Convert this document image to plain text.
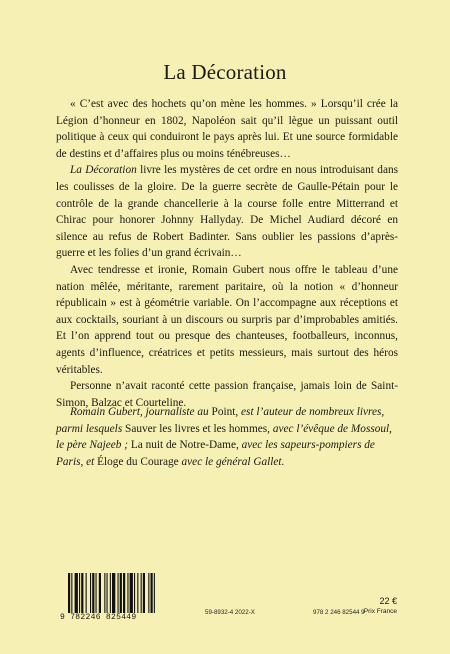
La Décoration

« C’est avec des hochets qu’on mène les hommes. » Lorsqu’il crée la Légion d’honneur en 1802, Napoléon sait qu’il lègue un puissant outil politique à ceux qui conduiront le pays après lui. Et une source formidable de destins et d’affaires plus ou moins ténébreuses…

La Décoration livre les mystères de cet ordre en nous introduisant dans les coulisses de la gloire. De la guerre secrète de Gaulle-Pétain pour le contrôle de la grande chancellerie à la course folle entre Mitterrand et Chirac pour honorer Johnny Hallyday. De Michel Audiard décoré en silence au refus de Robert Badinter. Sans oublier les passions d’après-guerre et les folies d’un grand écrivain…

Avec tendresse et ironie, Romain Gubert nous offre le tableau d’une nation mêlée, méritante, rarement paritaire, où la notion « d’honneur républicain » est à géométrie variable. On l’accompagne aux réceptions et aux cocktails, souriant à un discours ou surpris par d’improbables amitiés. Et l’on apprend tout ou presque des chanteuses, footballeurs, inconnus, agents d’influence, créatrices et petits messieurs, mais surtout des héros véritables.

Personne n’avait raconté cette passion française, jamais loin de Saint-Simon, Balzac et Courteline.

Romain Gubert, journaliste au Point, est l’auteur de nombreux livres, parmi lesquels Sauver les livres et les hommes, avec l’évêque de Mossoul, le père Najeeb ; La nuit de Notre-Dame, avec les sapeurs-pompiers de Paris, et Éloge du Courage avec le général Gallet.

9 782246 825449
59-8932-4 2022-X	978 2 246 82544 9
22 €
Prix France
